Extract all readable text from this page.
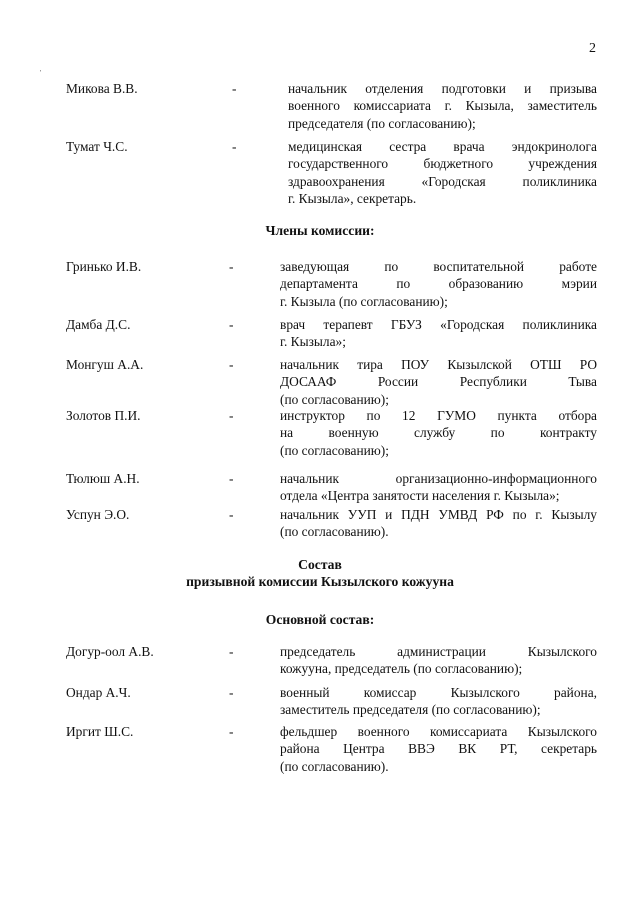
'
2
Микова В.В.	-	начальник отделения подготовки и призыва
военного комиссариата г. Кызыла, заместитель
председателя (по согласованию);
Тумат Ч.С.	-	медицинская сестра врача эндокринолога
государственного бюджетного учреждения
здравоохранения «Городская поликлиника
г. Кызыла», секретарь.
Члены комиссии:
Гринько И.В.	-	заведующая по воспитательной работе
департамента по образованию мэрии
г. Кызыла (по согласованию);
Дамба Д.С.	-	врач терапевт ГБУЗ «Городская поликлиника
г. Кызыла»;
Монгуш А.А.	-	начальник тира ПОУ Кызылской ОТШ РО
ДОСААФ России Республики Тыва
(по согласованию);
Золотов П.И.	-	инструктор по 12 ГУМО пункта отбора
на военную службу по контракту
(по согласованию);
Тюлюш А.Н.	-	начальник организационно-информационного
отдела «Центра занятости населения г. Кызыла»;
Успун Э.О.	-	начальник УУП и ПДН УМВД РФ по г. Кызылу
(по согласованию).
Состав
призывной комиссии Кызылского кожууна
Основной состав:
Догур-оол А.В.	-	председатель администрации Кызылского
кожууна, председатель (по согласованию);
Ондар А.Ч.	-	военный комиссар Кызылского района,
заместитель председателя (по согласованию);
Иргит Ш.С.	-	фельдшер военного комиссариата Кызылского
района Центра ВВЭ ВК РТ, секретарь
(по согласованию).
